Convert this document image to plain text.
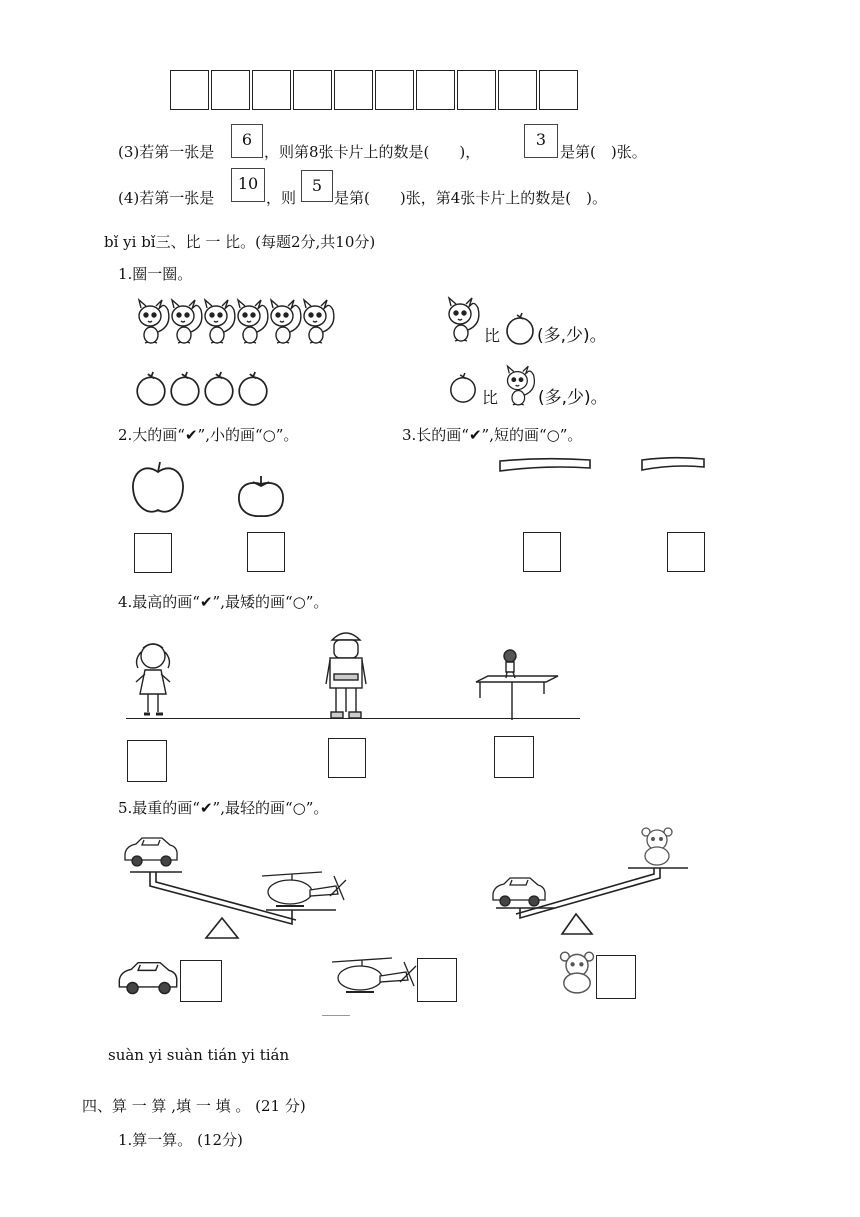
(3)若第一张是
6
，则第8张卡片上的数是(　　)，
3
是第(　)张。
(4)若第一张是
10
，则
5
是第(　　)张，第4张卡片上的数是(　)。
bǐ yi bǐ三、比 一 比。(每题2分,共10分)
1.圈一圈。
比 (多,少)。
比 (多,少)。
2.大的画“✔”,小的画“○”。	3.长的画“✔”,短的画“○”。
4.最高的画“✔”,最矮的画“○”。
5.最重的画“✔”,最轻的画“○”。
suàn yi suàn tián yi tián
四、算 一 算 ,填 一 填 。 (21 分)
1.算一算。 (12分)
